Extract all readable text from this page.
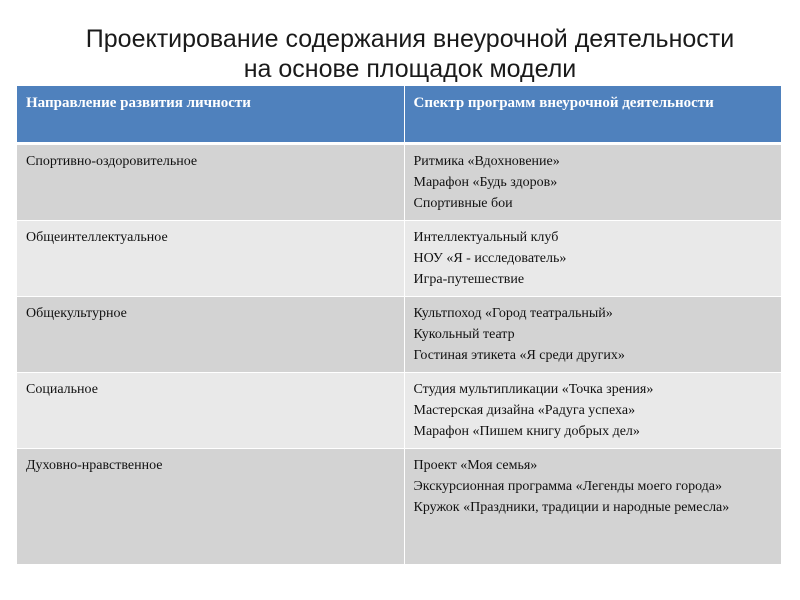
Проектирование содержания внеурочной деятельности
на основе площадок модели
Направление развития личности	Спектр программ внеурочной деятельности
Спортивно-оздоровительное	Ритмика «Вдохновение»
Марафон «Будь здоров»
Спортивные бои

Общеинтеллектуальное	Интеллектуальный клуб
НОУ «Я - исследователь»
Игра-путешествие

Общекультурное	Культпоход «Город театральный»
Кукольный театр
Гостиная этикета «Я среди других»

Социальное	Студия мультипликации «Точка зрения»
Мастерская дизайна «Радуга успеха»
Марафон «Пишем книгу добрых дел»

Духовно-нравственное	Проект «Моя семья»
Экскурсионная программа «Легенды моего города»
Кружок «Праздники, традиции и народные ремесла»
